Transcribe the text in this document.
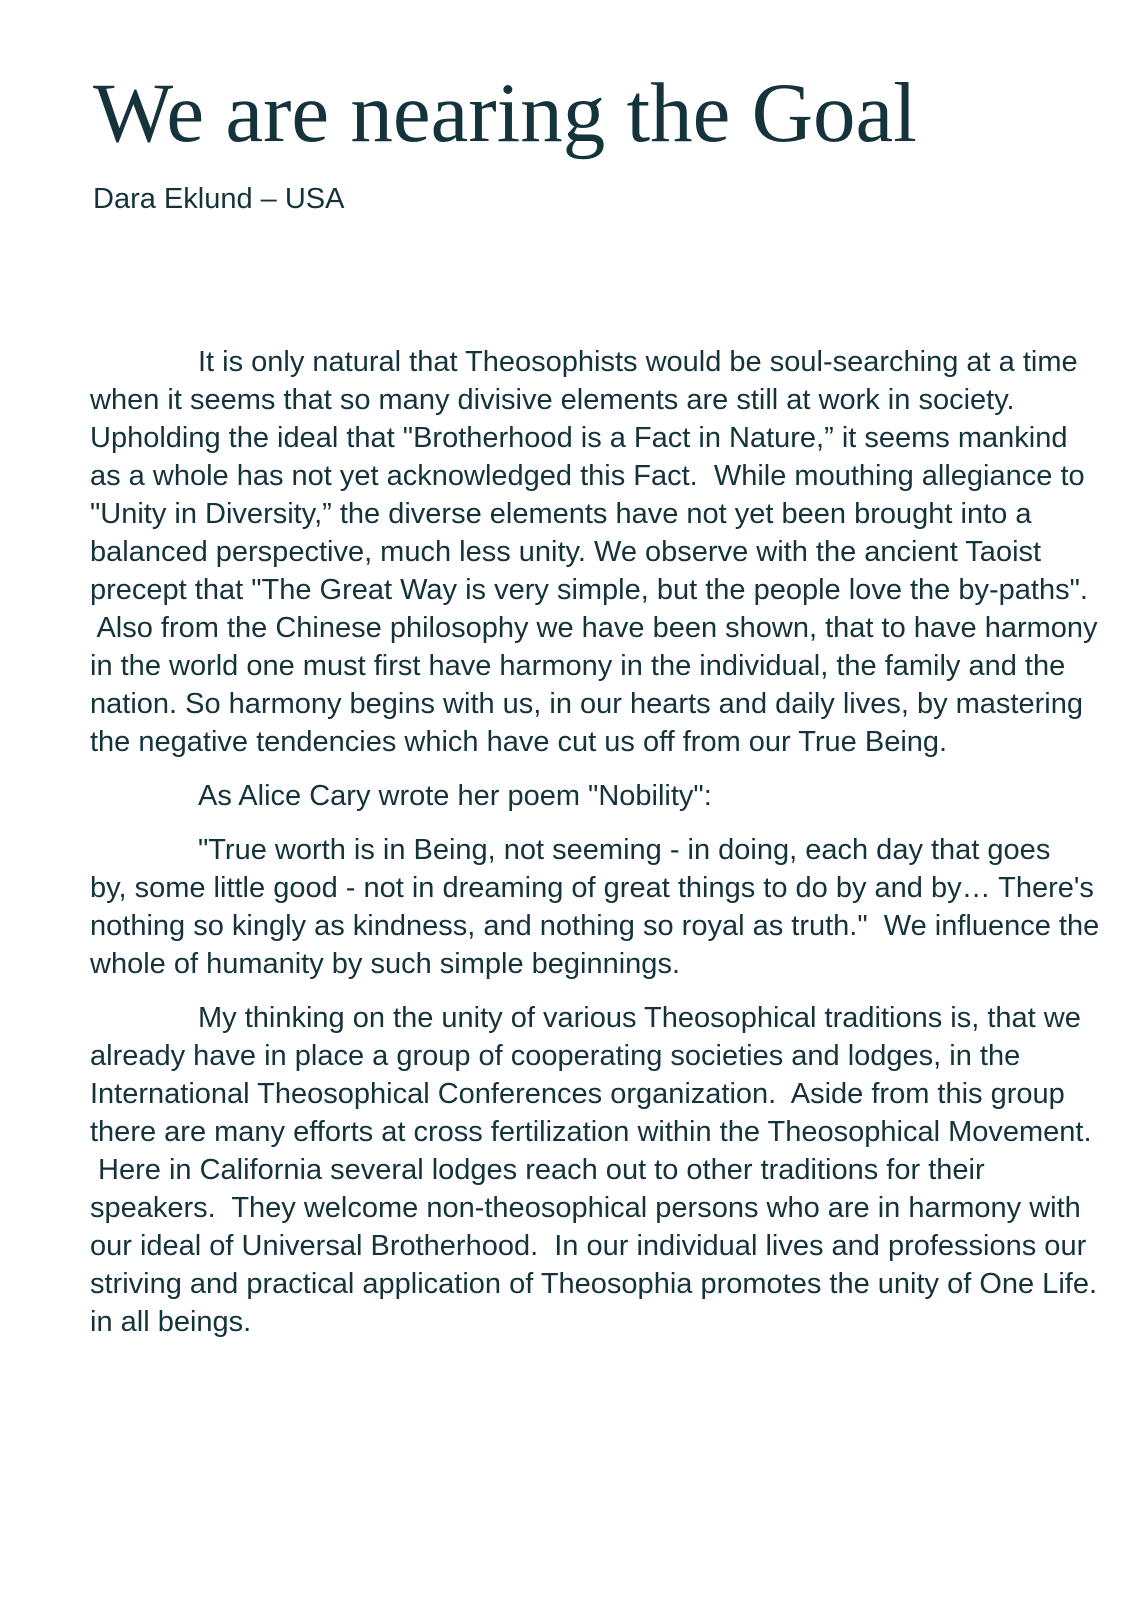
We are nearing the Goal
Dara Eklund – USA
It is only natural that Theosophists would be soul-searching at a time
when it seems that so many divisive elements are still at work in society.
Upholding the ideal that "Brotherhood is a Fact in Nature,” it seems mankind
as a whole has not yet acknowledged this Fact.  While mouthing allegiance to
"Unity in Diversity,” the diverse elements have not yet been brought into a
balanced perspective, much less unity. We observe with the ancient Taoist
precept that "The Great Way is very simple, but the people love the by-paths".
Also from the Chinese philosophy we have been shown, that to have harmony
in the world one must first have harmony in the individual, the family and the
nation. So harmony begins with us, in our hearts and daily lives, by mastering
the negative tendencies which have cut us off from our True Being.
As Alice Cary wrote her poem "Nobility":
"True worth is in Being, not seeming - in doing, each day that goes
by, some little good - not in dreaming of great things to do by and by… There's
nothing so kingly as kindness, and nothing so royal as truth."  We influence the
whole of humanity by such simple beginnings.
My thinking on the unity of various Theosophical traditions is, that we
already have in place a group of cooperating societies and lodges, in the
International Theosophical Conferences organization.  Aside from this group
there are many efforts at cross fertilization within the Theosophical Movement.
Here in California several lodges reach out to other traditions for their
speakers.  They welcome non-theosophical persons who are in harmony with
our ideal of Universal Brotherhood.  In our individual lives and professions our
striving and practical application of Theosophia promotes the unity of One Life.
in all beings.
